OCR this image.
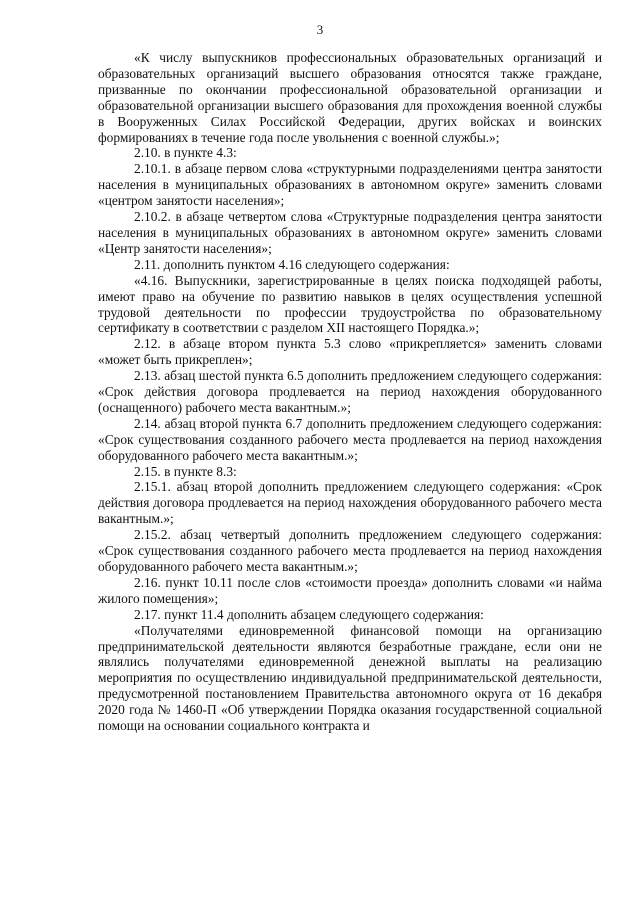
3

«К числу выпускников профессиональных образовательных организаций и образовательных организаций высшего образования относятся также граждане, призванные по окончании профессиональной образовательной организации и образовательной организации высшего образования для прохождения военной службы в Вооруженных Силах Российской Федерации, других войсках и воинских формированиях в течение года после увольнения с военной службы.»;

2.10. в пункте 4.3:

2.10.1. в абзаце первом слова «структурными подразделениями центра занятости населения в муниципальных образованиях в автономном округе» заменить словами «центром занятости населения»;

2.10.2. в абзаце четвертом слова «Структурные подразделения центра занятости населения в муниципальных образованиях в автономном округе» заменить словами «Центр занятости населения»;

2.11. дополнить пунктом 4.16 следующего содержания:

«4.16. Выпускники, зарегистрированные в целях поиска подходящей работы, имеют право на обучение по развитию навыков в целях осуществления успешной трудовой деятельности по профессии трудоустройства по образовательному сертификату в соответствии с разделом XII настоящего Порядка.»;

2.12. в абзаце втором пункта 5.3 слово «прикрепляется» заменить словами «может быть прикреплен»;

2.13. абзац шестой пункта 6.5 дополнить предложением следующего содержания: «Срок действия договора продлевается на период нахождения оборудованного (оснащенного) рабочего места вакантным.»;

2.14. абзац второй пункта 6.7 дополнить предложением следующего содержания: «Срок существования созданного рабочего места продлевается на период нахождения оборудованного рабочего места вакантным.»;

2.15. в пункте 8.3:

2.15.1. абзац второй дополнить предложением следующего содержания: «Срок действия договора продлевается на период нахождения оборудованного рабочего места вакантным.»;

2.15.2. абзац четвертый дополнить предложением следующего содержания: «Срок существования созданного рабочего места продлевается на период нахождения оборудованного рабочего места вакантным.»;

2.16. пункт 10.11 после слов «стоимости проезда» дополнить словами «и найма жилого помещения»;

2.17. пункт 11.4 дополнить абзацем следующего содержания:

«Получателями единовременной финансовой помощи на организацию предпринимательской деятельности являются безработные граждане, если они не являлись получателями единовременной денежной выплаты на реализацию мероприятия по осуществлению индивидуальной предпринимательской деятельности, предусмотренной постановлением Правительства автономного округа от 16 декабря 2020 года № 1460-П «Об утверждении Порядка оказания государственной социальной помощи на основании социального контракта и
